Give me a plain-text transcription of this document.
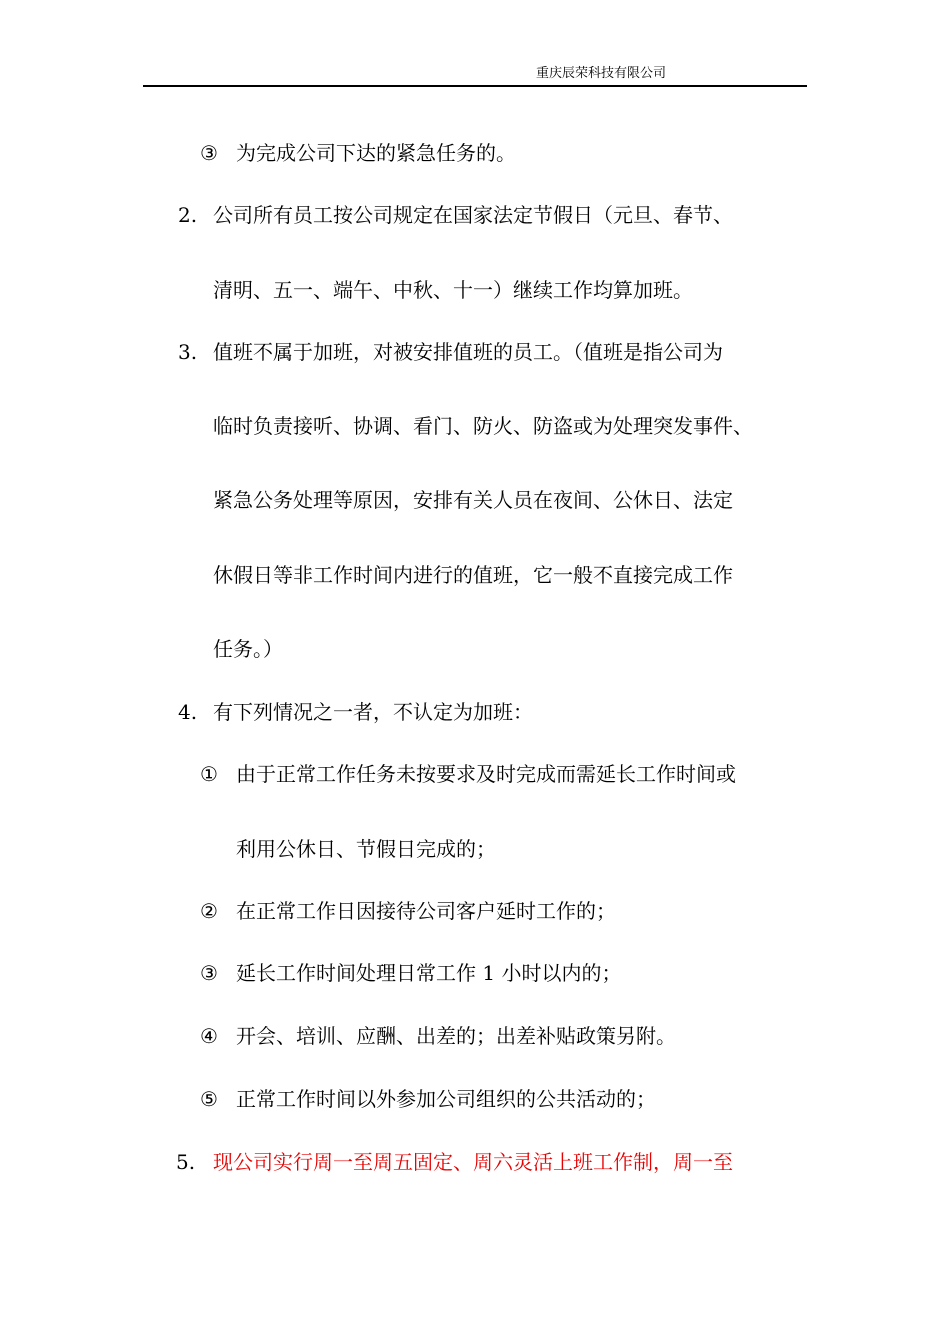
重庆辰荣科技有限公司
③ 为完成公司下达的紧急任务的。
2. 公司所有员工按公司规定在国家法定节假日（元旦、春节、
清明、五一、端午、中秋、十一）继续工作均算加班。
3. 值班不属于加班，对被安排值班的员工。（值班是指公司为
临时负责接听、协调、看门、防火、防盗或为处理突发事件、
紧急公务处理等原因，安排有关人员在夜间、公休日、法定
休假日等非工作时间内进行的值班，它一般不直接完成工作
任务。）
4. 有下列情况之一者，不认定为加班：
① 由于正常工作任务未按要求及时完成而需延长工作时间或
利用公休日、节假日完成的；
② 在正常工作日因接待公司客户延时工作的；
③ 延长工作时间处理日常工作 1 小时以内的；
④ 开会、培训、应酬、出差的；出差补贴政策另附。
⑤ 正常工作时间以外参加公司组织的公共活动的；
5. 现公司实行周一至周五固定、周六灵活上班工作制，周一至
